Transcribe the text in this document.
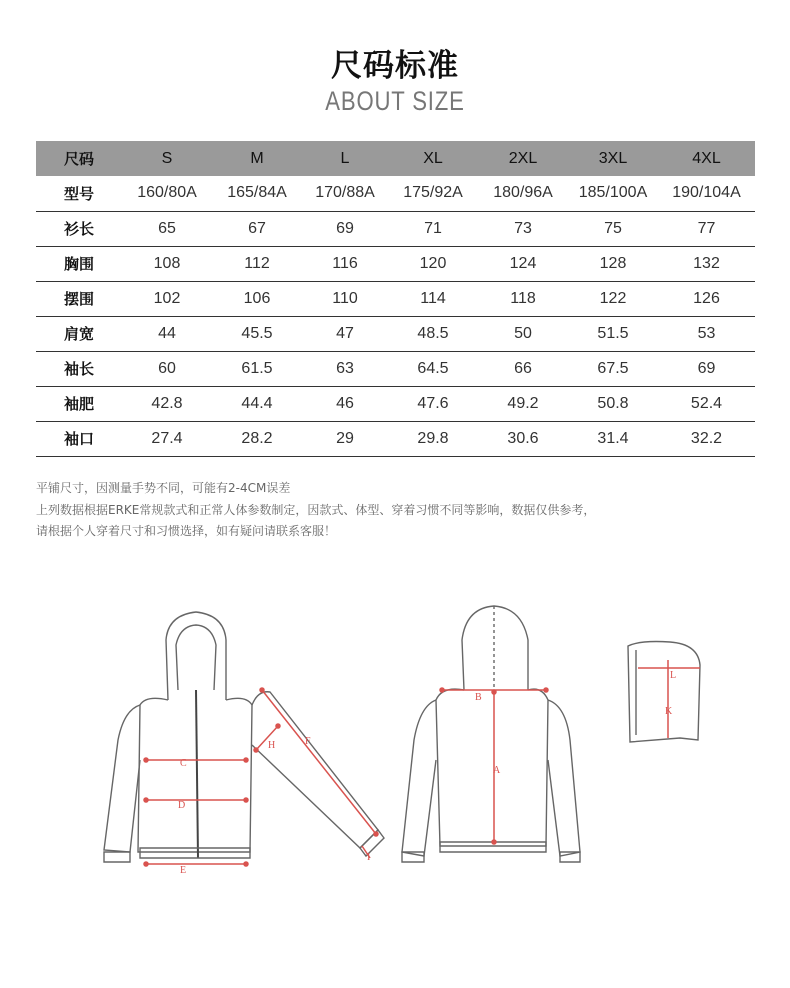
尺码标准
ABOUT SIZE
尺码	S	M	L	XL	2XL	3XL	4XL
型号	160/80A	165/84A	170/88A	175/92A	180/96A	185/100A	190/104A
衫长	65	67	69	71	73	75	77
胸围	108	112	116	120	124	128	132
摆围	102	106	110	114	118	122	126
肩宽	44	45.5	47	48.5	50	51.5	53
袖长	60	61.5	63	64.5	66	67.5	69
袖肥	42.8	44.4	46	47.6	49.2	50.8	52.4
袖口	27.4	28.2	29	29.8	30.6	31.4	32.2
平铺尺寸，因测量手势不同，可能有2-4CM误差
上列数据根据ERKE常规款式和正常人体参数制定，因款式、体型、穿着习惯不同等影响，数据仅供参考，
请根据个人穿着尺寸和习惯选择，如有疑问请联系客服！
A
B
C
D
E
F
H
I
K
L
